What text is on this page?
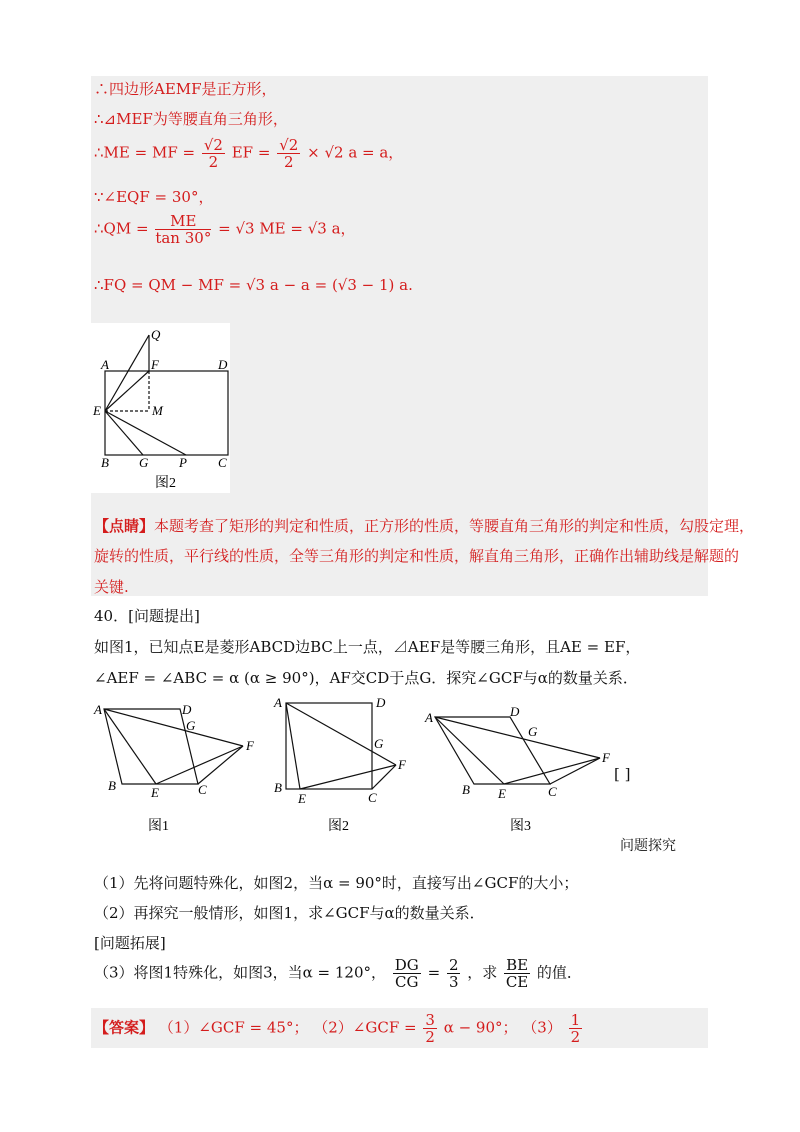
∴四边形AEMF是正方形，
∴⊿MEF为等腰直角三角形，
∴ME = MF = $\frac{√2}{2}$ EF = $\frac{√2}{2} \times √2$ a = a，
∵∠EQF = 30°，
∴QM = $\frac{ME}{\tan 30^\circ} = √3$ ME = √3 a，
∴FQ = QM − MF = √3 a − a = (√3 − 1) a.
Q
A	F	D
E	M
B G P C
图2
【点睛】本题考查了矩形的判定和性质，正方形的性质，等腰直角三角形的判定和性质，勾股定理，
旋转的性质，平行线的性质，全等三角形的判定和性质，解直角三角形，正确作出辅助线是解题的
关键.
40．[问题提出]
如图1，已知点E是菱形ABCD边BC上一点，⊿AEF是等腰三角形，且AE = EF，
∠AEF = ∠ABC = α (α ≥ 90°)，AF交CD于点G．探究∠GCF与α的数量关系．
A	D
G
F
B	E	C
图1
A	D
G
F
B
E	C
图2
A	D
G
F
B E	C
图3
[ ]
问题探究
（1）先将问题特殊化，如图2，当α = 90°时，直接写出∠GCF的大小；
（2）再探究一般情形，如图1，求∠GCF与α的数量关系．
[问题拓展]
（3）将图1特殊化，如图3，当α = 120°， $\frac{DG}{CG} = \frac{2}{3}$ ，求 $\frac{BE}{CE}$ 的值．
【答案】 （1）∠GCF = 45°； （2）∠GCF = $\frac{3}{2}$ α − 90°； $(3) \frac{1}{2}$
